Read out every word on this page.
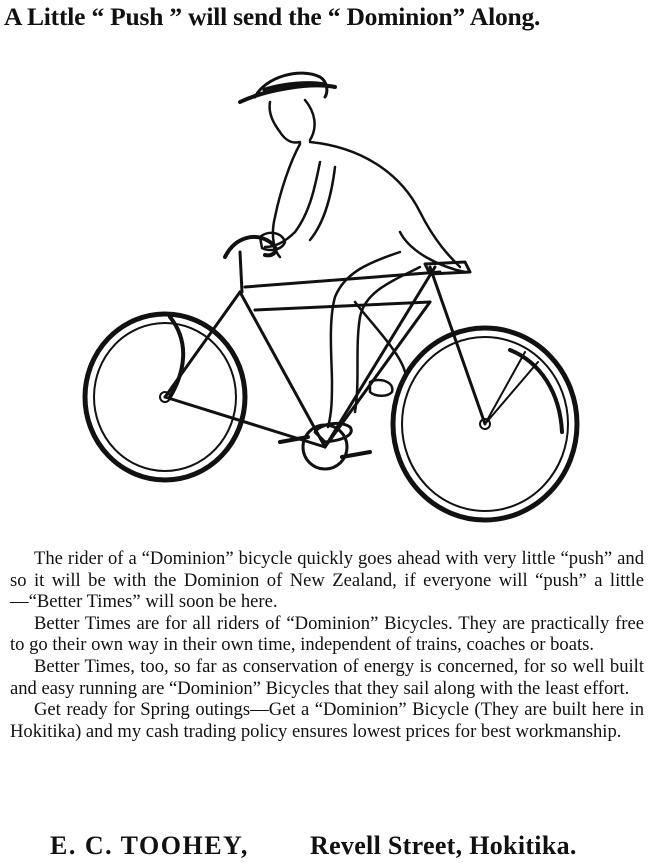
A Little “ Push ” will send the “ Dominion” Along.

The rider of a “Dominion” bicycle quickly goes ahead with very little “push” and so it will be with the Dominion of New Zealand, if everyone will “push” a little—“Better Times” will soon be here.

Better Times are for all riders of “Dominion” Bicycles. They are practically free to go their own way in their own time, independent of trains, coaches or boats.

Better Times, too, so far as conservation of energy is concerned, for so well built and easy running are “Dominion” Bicycles that they sail along with the least effort.

Get ready for Spring outings—Get a “Dominion” Bicycle (They are built here in Hokitika) and my cash trading policy ensures lowest prices for best workmanship.

E. C. TOOHEY, Revell Street, Hokitika.
